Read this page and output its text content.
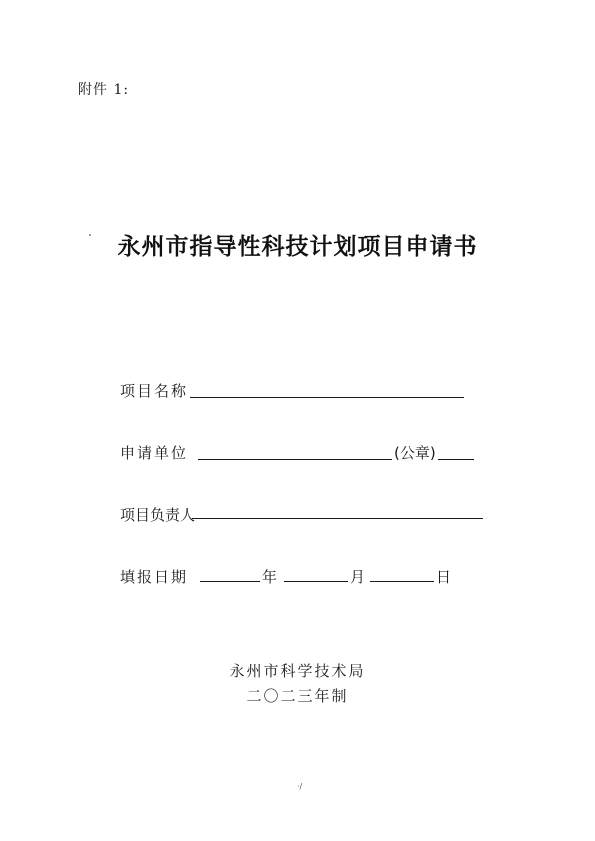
附件 1:
永州市指导性科技计划项目申请书
项目名称
申请单位	(公章)
项目负责人
填报日期	年	月	日
永州市科学技术局
二〇二三年制
·/
